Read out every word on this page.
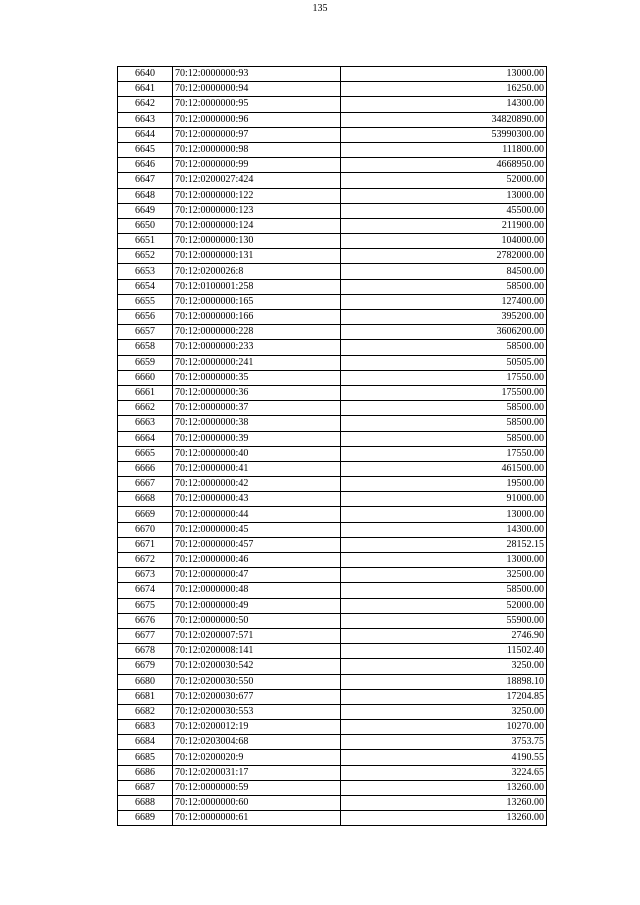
135
6640	70:12:0000000:93	13000.00
6641	70:12:0000000:94	16250.00
6642	70:12:0000000:95	14300.00
6643	70:12:0000000:96	34820890.00
6644	70:12:0000000:97	53990300.00
6645	70:12:0000000:98	111800.00
6646	70:12:0000000:99	4668950.00
6647	70:12:0200027:424	52000.00
6648	70:12:0000000:122	13000.00
6649	70:12:0000000:123	45500.00
6650	70:12:0000000:124	211900.00
6651	70:12:0000000:130	104000.00
6652	70:12:0000000:131	2782000.00
6653	70:12:0200026:8	84500.00
6654	70:12:0100001:258	58500.00
6655	70:12:0000000:165	127400.00
6656	70:12:0000000:166	395200.00
6657	70:12:0000000:228	3606200.00
6658	70:12:0000000:233	58500.00
6659	70:12:0000000:241	50505.00
6660	70:12:0000000:35	17550.00
6661	70:12:0000000:36	175500.00
6662	70:12:0000000:37	58500.00
6663	70:12:0000000:38	58500.00
6664	70:12:0000000:39	58500.00
6665	70:12:0000000:40	17550.00
6666	70:12:0000000:41	461500.00
6667	70:12:0000000:42	19500.00
6668	70:12:0000000:43	91000.00
6669	70:12:0000000:44	13000.00
6670	70:12:0000000:45	14300.00
6671	70:12:0000000:457	28152.15
6672	70:12:0000000:46	13000.00
6673	70:12:0000000:47	32500.00
6674	70:12:0000000:48	58500.00
6675	70:12:0000000:49	52000.00
6676	70:12:0000000:50	55900.00
6677	70:12:0200007:571	2746.90
6678	70:12:0200008:141	11502.40
6679	70:12:0200030:542	3250.00
6680	70:12:0200030:550	18898.10
6681	70:12:0200030:677	17204.85
6682	70:12:0200030:553	3250.00
6683	70:12:0200012:19	10270.00
6684	70:12:0203004:68	3753.75
6685	70:12:0200020:9	4190.55
6686	70:12:0200031:17	3224.65
6687	70:12:0000000:59	13260.00
6688	70:12:0000000:60	13260.00
6689	70:12:0000000:61	13260.00
